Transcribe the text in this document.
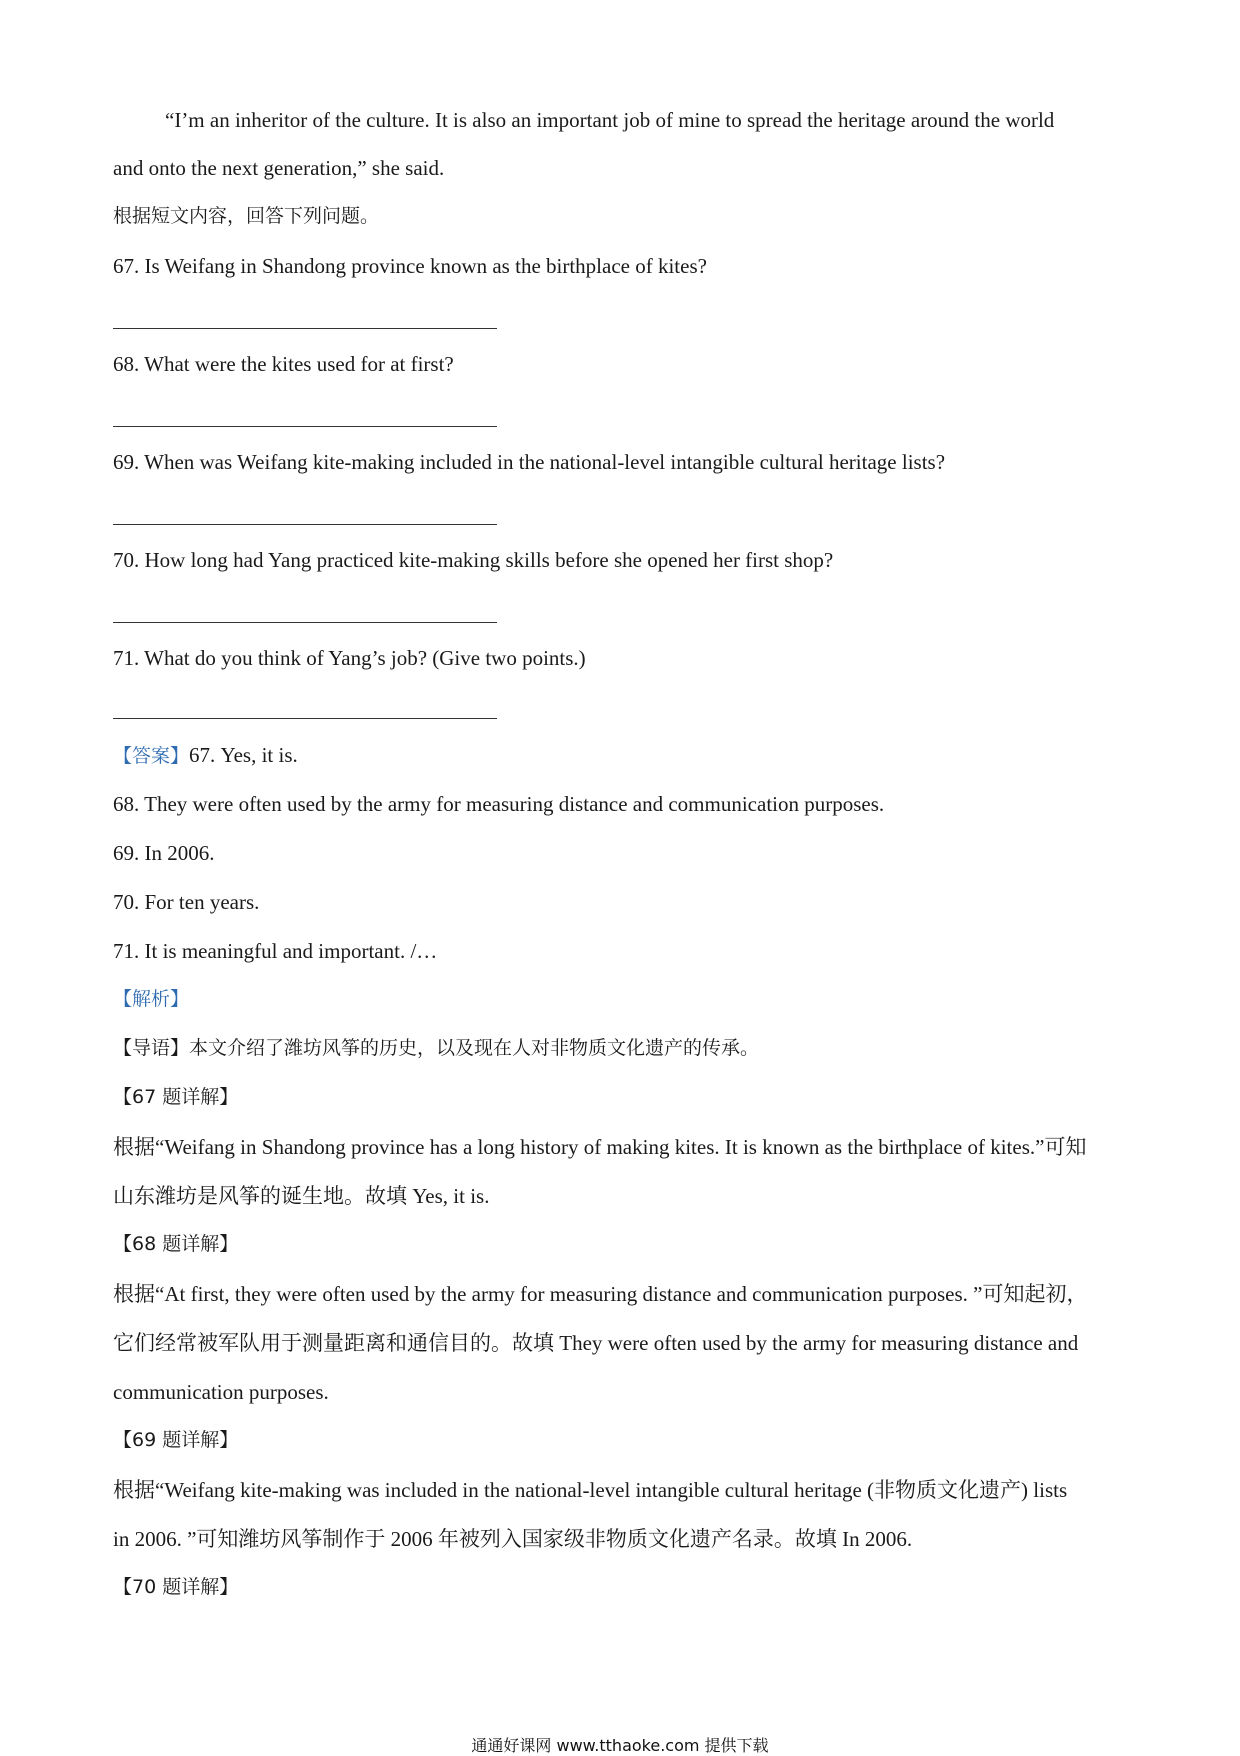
“I’m an inheritor of the culture. It is also an important job of mine to spread the heritage around the world
and onto the next generation,” she said.
根据短文内容，回答下列问题。
67. Is Weifang in Shandong province known as the birthplace of kites?
68. What were the kites used for at first?
69. When was Weifang kite-making included in the national-level intangible cultural heritage lists?
70. How long had Yang practiced kite-making skills before she opened her first shop?
71. What do you think of Yang’s job? (Give two points.)
【答案】67. Yes, it is.
68. They were often used by the army for measuring distance and communication purposes.
69. In 2006.
70. For ten years.
71. It is meaningful and important. /…
【解析】
【导语】本文介绍了潍坊风筝的历史，以及现在人对非物质文化遗产的传承。
【67 题详解】
根据“Weifang in Shandong province has a long history of making kites. It is known as the birthplace of kites.”可知
山东潍坊是风筝的诞生地。故填 Yes, it is.
【68 题详解】
根据“At first, they were often used by the army for measuring distance and communication purposes. ”可知起初，
它们经常被军队用于测量距离和通信目的。故填 They were often used by the army for measuring distance and
communication purposes.
【69 题详解】
根据“Weifang kite-making was included in the national-level intangible cultural heritage (非物质文化遗产) lists
in 2006. ”可知潍坊风筝制作于 2006 年被列入国家级非物质文化遗产名录。故填 In 2006.
【70 题详解】
通通好课网 www.tthaoke.com 提供下载
